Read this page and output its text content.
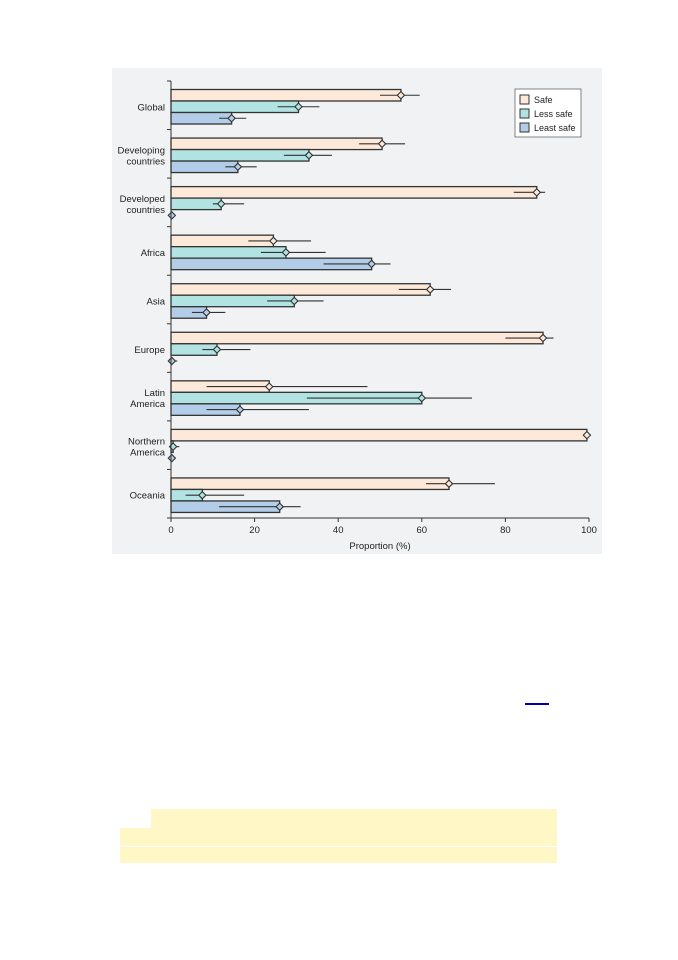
0	20	40	60	80	100
Proportion (%)
Global
Developing countries
Developed countries
Africa
Asia
Europe
Latin America
Northern America
Oceania
Safe
Less safe
Least safe
